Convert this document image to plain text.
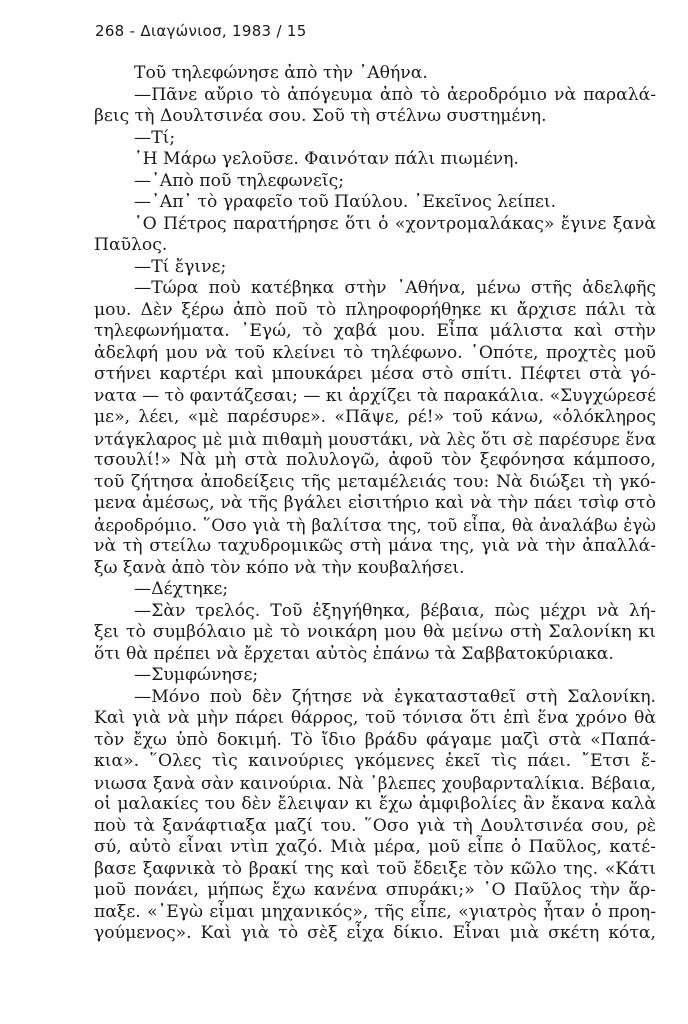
268 - Διαγώνιοσ, 1983 / 15
Τοῦ τηλεφώνησε ἀπὸ τὴν ᾿Αθήνα.
—Πᾶνε αὔριο τὸ ἀπόγευμα ἀπὸ τὸ ἀεροδρόμιο νὰ παραλά-
βεις τὴ Δουλτσινέα σου. Σοῦ τὴ στέλνω συστημένη.
—Τί;
῾Η Μάρω γελοῦσε. Φαινόταν πάλι πιωμένη.
—᾿Απὸ ποῦ τηλεφωνεῖς;
—᾿Απ᾿ τὸ γραφεῖο τοῦ Παύλου. ᾿Εκεῖνος λείπει.
῾Ο Πέτρος παρατήρησε ὅτι ὁ «χοντρομαλάκας» ἔγινε ξανὰ
Παῦλος.
—Τί ἔγινε;
—Τώρα ποὺ κατέβηκα στὴν ᾿Αθήνα, μένω στῆς ἀδελφῆς
μου. Δὲν ξέρω ἀπὸ ποῦ τὸ πληροφορήθηκε κι ἄρχισε πάλι τὰ
τηλεφωνήματα. ᾿Εγώ, τὸ χαβά μου. Εἶπα μάλιστα καὶ στὴν
ἀδελφή μου νὰ τοῦ κλείνει τὸ τηλέφωνο. ῾Οπότε, προχτὲς μοῦ
στήνει καρτέρι καὶ μπουκάρει μέσα στὸ σπίτι. Πέφτει στὰ γό-
νατα — τὸ φαντάζεσαι; — κι ἀρχίζει τὰ παρακάλια. «Συγχώρεσέ
με», λέει, «μὲ παρέσυρε». «Πᾶψε, ρέ!» τοῦ κάνω, «ὁλόκληρος
ντάγκλαρος μὲ μιὰ πιθαμὴ μουστάκι, νὰ λὲς ὅτι σὲ παρέσυρε ἕνα
τσουλί!» Νὰ μὴ στὰ πολυλογῶ, ἀφοῦ τὸν ξεφόνησα κάμποσο,
τοῦ ζήτησα ἀποδείξεις τῆς μεταμέλειάς του: Νὰ διώξει τὴ γκό-
μενα ἀμέσως, νὰ τῆς βγάλει εἰσιτήριο καὶ νὰ τὴν πάει τσὶφ στὸ
ἀεροδρόμιο. ῞Οσο γιὰ τὴ βαλίτσα της, τοῦ εἶπα, θὰ ἀναλάβω ἐγὼ
νὰ τὴ στείλω ταχυδρομικῶς στὴ μάνα της, γιὰ νὰ τὴν ἀπαλλά-
ξω ξανὰ ἀπὸ τὸν κόπο νὰ τὴν κουβαλήσει.
—Δέχτηκε;
—Σὰν τρελός. Τοῦ ἐξηγήθηκα, βέβαια, πὼς μέχρι νὰ λή-
ξει τὸ συμβόλαιο μὲ τὸ νοικάρη μου θὰ μείνω στὴ Σαλονίκη κι
ὅτι θὰ πρέπει νὰ ἔρχεται αὐτὸς ἐπάνω τὰ Σαββατοκύριακα.
—Συμφώνησε;
—Μόνο ποὺ δὲν ζήτησε νὰ ἐγκατασταθεῖ στὴ Σαλονίκη.
Καὶ γιὰ νὰ μὴν πάρει θάρρος, τοῦ τόνισα ὅτι ἐπὶ ἕνα χρόνο θὰ
τὸν ἔχω ὑπὸ δοκιμή. Τὸ ἴδιο βράδυ φάγαμε μαζὶ στὰ «Παπά-
κια». ῞Ολες τὶς καινούριες γκόμενες ἐκεῖ τὶς πάει. ῎Ετσι ἔ-
νιωσα ξανὰ σὰν καινούρια. Νὰ ᾿βλεπες χουβαρνταλίκια. Βέβαια,
οἱ μαλακίες του δὲν ἔλειψαν κι ἔχω ἀμφιβολίες ἂν ἔκανα καλὰ
ποὺ τὰ ξανάφτιαξα μαζί του. ῞Οσο γιὰ τὴ Δουλτσινέα σου, ρὲ
σύ, αὐτὸ εἶναι ντὶπ χαζό. Μιὰ μέρα, μοῦ εἶπε ὁ Παῦλος, κατέ-
βασε ξαφνικὰ τὸ βρακί της καὶ τοῦ ἔδειξε τὸν κῶλο της. «Κάτι
μοῦ πονάει, μήπως ἔχω κανένα σπυράκι;» ῾Ο Παῦλος τὴν ἅρ-
παξε. «᾿Εγὼ εἶμαι μηχανικός», τῆς εἶπε, «γιατρὸς ἦταν ὁ προη-
γούμενος». Καὶ γιὰ τὸ σὲξ εἶχα δίκιο. Εἶναι μιὰ σκέτη κότα,
